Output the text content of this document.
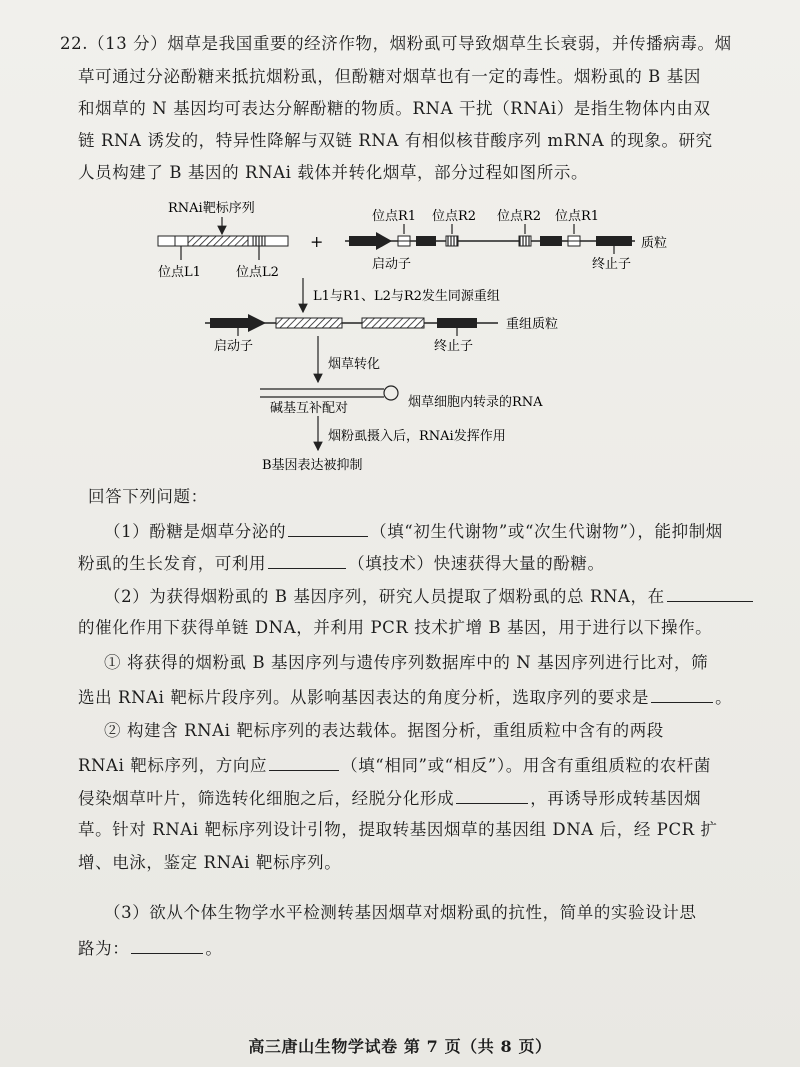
22.（13 分）烟草是我国重要的经济作物，烟粉虱可导致烟草生长衰弱，并传播病毒。烟
草可通过分泌酚糖来抵抗烟粉虱，但酚糖对烟草也有一定的毒性。烟粉虱的 B 基因
和烟草的 N 基因均可表达分解酚糖的物质。RNA 干扰（RNAi）是指生物体内由双
链 RNA 诱发的，特异性降解与双链 RNA 有相似核苷酸序列 mRNA 的现象。研究
人员构建了 B 基因的 RNAi 载体并转化烟草，部分过程如图所示。
RNAi靶标序列
位点L1	位点L2
+
位点R1 位点R2 位点R2 位点R1
质粒
启动子	终止子
L1与R1、L2与R2发生同源重组
重组质粒
启动子	终止子
烟草转化
碱基互补配对	烟草细胞内转录的RNA
烟粉虱摄入后，RNAi发挥作用
B基因表达被抑制
回答下列问题：
（1）酚糖是烟草分泌的	（填“初生代谢物”或“次生代谢物”），能抑制烟
粉虱的生长发育，可利用	（填技术）快速获得大量的酚糖。
（2）为获得烟粉虱的 B 基因序列，研究人员提取了烟粉虱的总 RNA，在
的催化作用下获得单链 DNA，并利用 PCR 技术扩增 B 基因，用于进行以下操作。
① 将获得的烟粉虱 B 基因序列与遗传序列数据库中的 N 基因序列进行比对，筛
选出 RNAi 靶标片段序列。从影响基因表达的角度分析，选取序列的要求是	。
② 构建含 RNAi 靶标序列的表达载体。据图分析，重组质粒中含有的两段
RNAi 靶标序列，方向应	（填“相同”或“相反”）。用含有重组质粒的农杆菌
侵染烟草叶片，筛选转化细胞之后，经脱分化形成	，再诱导形成转基因烟
草。针对 RNAi 靶标序列设计引物，提取转基因烟草的基因组 DNA 后，经 PCR 扩
增、电泳，鉴定 RNAi 靶标序列。
（3）欲从个体生物学水平检测转基因烟草对烟粉虱的抗性，简单的实验设计思
路为：	。
高三唐山生物学试卷 第 7 页（共 8 页）
